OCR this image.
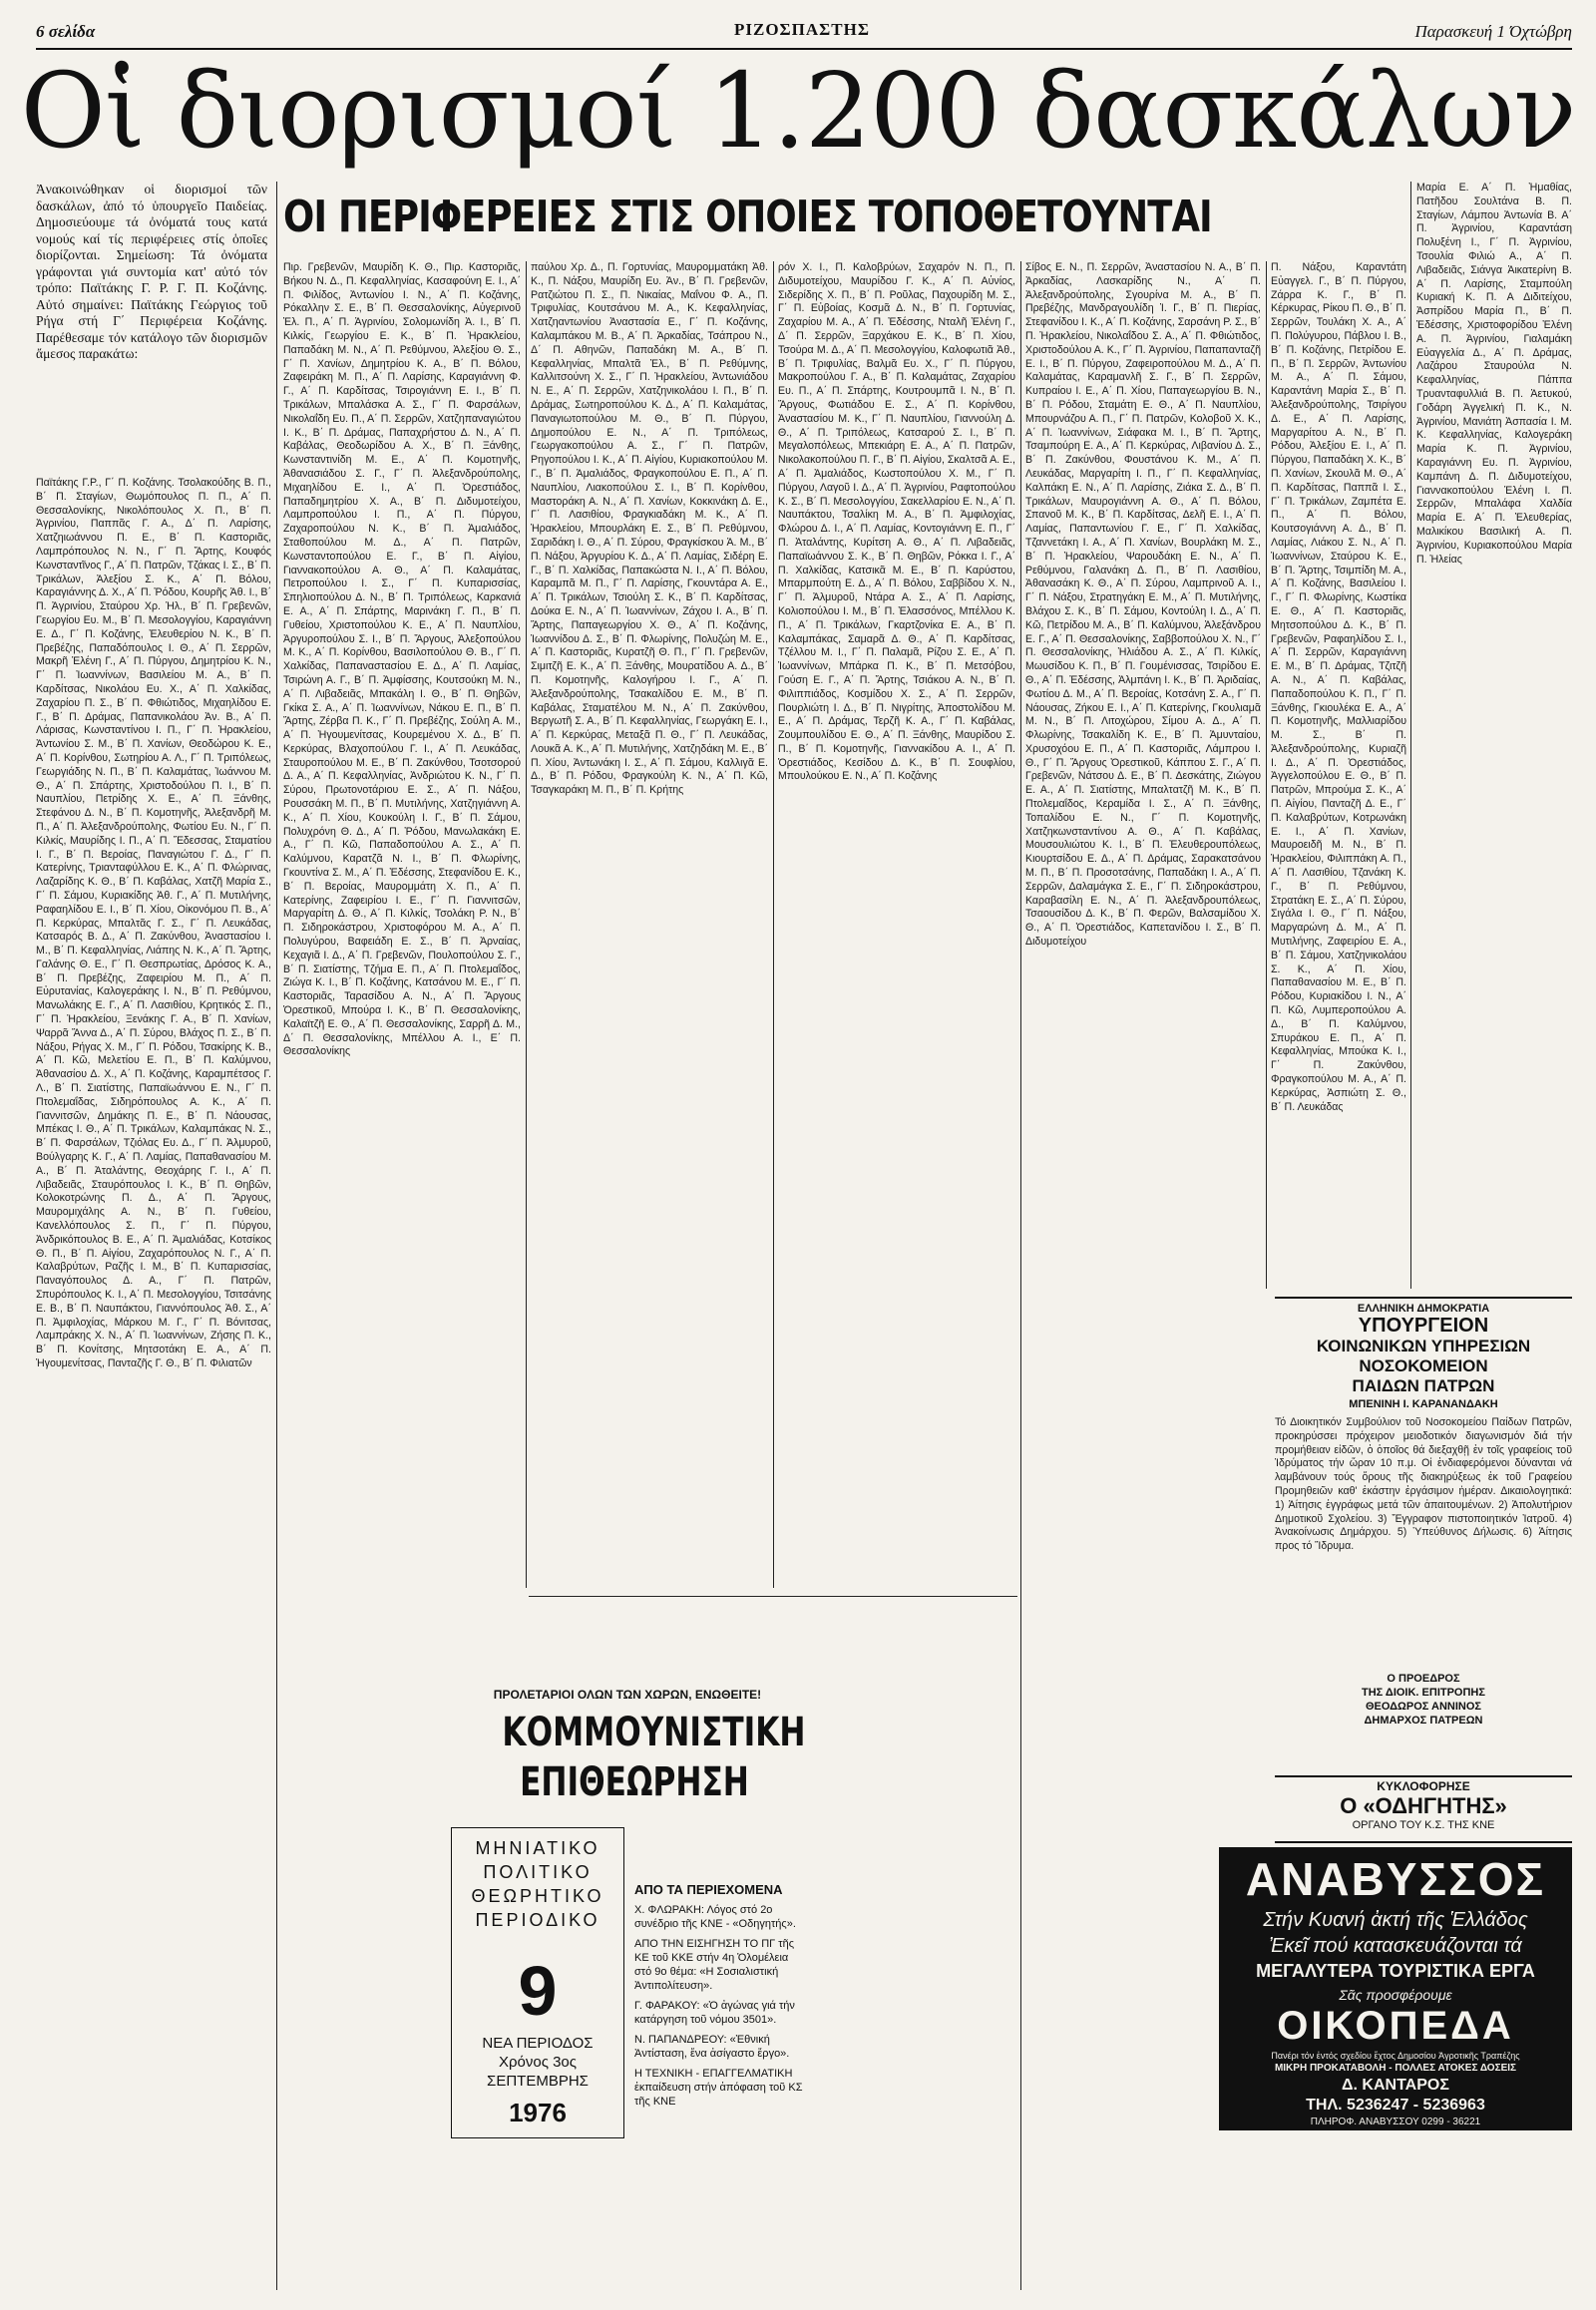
6 σελίδα	ΡΙΖΟΣΠΑΣΤΗΣ	Παρασκευή 1 Όχτώβρη
Οἱ διορισμοί 1.200 δασκάλων
Ἀνακοινώθηκαν οἱ διορισμοί τῶν δασκάλων, ἀπό τό ὑπουργεῖο Παιδείας. Δημοσιεύουμε τά ὀνόματά τους κατά νομούς καί τίς περιφέρειες στίς ὁποῖες διορίζονται. Σημείωση: Τά ὀνόματα γράφονται γιά συντομία κατ' αὐτό τόν τρόπο: Παϊτάκης Γ. Ρ. Γ. Π. Κοζάνης. Αὐτό σημαίνει: Παϊτάκης Γεώργιος τοῦ Ρήγα στή Γ΄ Περιφέρεια Κοζάνης. Παρέθεσαμε τόν κατάλογο τῶν διορισμῶν ἄμεσος παρακάτω:
ΟΙ ΠΕΡΙΦΕΡΕΙΕΣ ΣΤΙΣ ΟΠΟΙΕΣ ΤΟΠΟΘΕΤΟΥΝΤΑΙ
Παϊτάκης Γ.Ρ., Γ΄ Π. Κοζάνης. Τσολακούδης Β. Π., Β΄ Π. Σταγίων, Θωμόπουλος Π. Π., Α΄ Π. Θεσσαλονίκης, Νικολόπουλος Χ. Π., Β΄ Π. Ἀγρινίου, Παππᾶς Γ. Α., Δ΄ Π. Λαρίσης, Χατζηιωάννου Π. Ε., Β΄ Π. Καστοριᾶς, Λαμπρόπουλος Ν. Ν., Γ΄ Π. Ἄρτης, Κουφός Κωνσταντῖνος Γ., Α΄ Π. Πατρῶν, Τζάκας Ι. Σ., Β΄ Π. Τρικάλων, Ἀλεξίου Σ. Κ., Α΄ Π. Βόλου, Καραγιάννης Δ. Χ., Α΄ Π. Ῥόδου, Κουρῆς Ἀθ. Ι., Β΄ Π. Ἀγρινίου, Σταύρου Χρ. Ἠλ., Β΄ Π. Γρεβενῶν, Γεωργίου Ευ. Μ., Β΄ Π. Μεσολογγίου, Καραγιάννη Ε. Δ., Γ΄ Π. Κοζάνης, Ἐλευθερίου Ν. Κ., Β΄ Π. Πρεβέζης, Παπαδόπουλος Ι. Θ., Α΄ Π. Σερρῶν, Μακρῆ Ἑλένη Γ., Α΄ Π. Πύργου, Δημητρίου Κ. Ν., Γ΄ Π. Ἰωαννίνων, Βασιλείου Μ. Α., Β΄ Π. Καρδίτσας, Νικολάου Ευ. Χ., Α΄ Π. Χαλκίδας, Ζαχαρίου Π. Σ., Β΄ Π. Φθιώτιδος, Μιχαηλίδου Ε. Γ., Β΄ Π. Δράμας, Παπανικολάου Ἀν. Β., Α΄ Π. Λάρισας, Κωνσταντίνου Ι. Π., Γ΄ Π. Ἡρακλείου, Ἀντωνίου Σ. Μ., Β΄ Π. Χανίων, Θεοδώρου Κ. Ε., Α΄ Π. Κορίνθου, Σωτηρίου Α. Λ., Γ΄ Π. Τριπόλεως, Γεωργιάδης Ν. Π., Β΄ Π. Καλαμάτας, Ἰωάννου Μ. Θ., Α΄ Π. Σπάρτης, Χριστοδούλου Π. Ι., Β΄ Π. Ναυπλίου, Πετρίδης Χ. Ε., Α΄ Π. Ξάνθης, Στεφάνου Δ. Ν., Β΄ Π. Κομοτηνῆς, Ἀλεξανδρῆ Μ. Π., Α΄ Π. Ἀλεξανδρούπολης, Φωτίου Ευ. Ν., Γ΄ Π. Κιλκίς, Μαυρίδης Ι. Π., Α΄ Π. Ἔδεσσας, Σταματίου Ι. Γ., Β΄ Π. Βεροίας, Παναγιώτου Γ. Δ., Γ΄ Π. Κατερίνης, Τριανταφύλλου Ε. Κ., Α΄ Π. Φλώρινας, Λαζαρίδης Κ. Θ., Β΄ Π. Καβάλας, Χατζῆ Μαρία Σ., Γ΄ Π. Σάμου, Κυριακίδης Ἀθ. Γ., Α΄ Π. Μυτιλήνης, Ραφαηλίδου Ε. Ι., Β΄ Π. Χίου, Οἰκονόμου Π. Β., Α΄ Π. Κερκύρας, Μπαλτᾶς Γ. Σ., Γ΄ Π. Λευκάδας, Κατσαρός Β. Δ., Α΄ Π. Ζακύνθου, Ἀναστασίου Ι. Μ., Β΄ Π. Κεφαλληνίας, Λιάπης Ν. Κ., Α΄ Π. Ἄρτης, Γαλάνης Θ. Ε., Γ΄ Π. Θεσπρωτίας, Δρόσος Κ. Α., Β΄ Π. Πρεβέζης, Ζαφειρίου Μ. Π., Α΄ Π. Εὐρυτανίας, Καλογεράκης Ι. Ν., Β΄ Π. Ρεθύμνου, Μανωλάκης Ε. Γ., Α΄ Π. Λασιθίου, Κρητικός Σ. Π., Γ΄ Π. Ἡρακλείου, Ξενάκης Γ. Α., Β΄ Π. Χανίων, Ψαρρᾶ Ἄννα Δ., Α΄ Π. Σύρου, Βλάχος Π. Σ., Β΄ Π. Νάξου, Ρήγας Χ. Μ., Γ΄ Π. Ρόδου, Τσακίρης Κ. Β., Α΄ Π. Κῶ, Μελετίου Ε. Π., Β΄ Π. Καλύμνου, Ἀθανασίου Δ. Χ., Α΄ Π. Κοζάνης, Καραμπέτσος Γ. Λ., Β΄ Π. Σιατίστης, Παπαϊωάννου Ε. Ν., Γ΄ Π. Πτολεμαΐδας, Σιδηρόπουλος Α. Κ., Α΄ Π. Γιαννιτσῶν, Δημάκης Π. Ε., Β΄ Π. Νάουσας, Μπέκας Ι. Θ., Α΄ Π. Τρικάλων, Καλαμπάκας Ν. Σ., Β΄ Π. Φαρσάλων, Τζιόλας Ευ. Δ., Γ΄ Π. Ἀλμυροῦ, Βούλγαρης Κ. Γ., Α΄ Π. Λαμίας, Παπαθανασίου Μ. Α., Β΄ Π. Ἀταλάντης, Θεοχάρης Γ. Ι., Α΄ Π. Λιβαδειᾶς, Σταυρόπουλος Ι. Κ., Β΄ Π. Θηβῶν, Κολοκοτρώνης Π. Δ., Α΄ Π. Ἄργους, Μαυρομιχάλης Α. Ν., Β΄ Π. Γυθείου, Κανελλόπουλος Σ. Π., Γ΄ Π. Πύργου, Ἀνδρικόπουλος Β. Ε., Α΄ Π. Ἀμαλιάδας, Κοτσίκος Θ. Π., Β΄ Π. Αἰγίου, Ζαχαρόπουλος Ν. Γ., Α΄ Π. Καλαβρύτων, Ραζῆς Ι. Μ., Β΄ Π. Κυπαρισσίας, Παναγόπουλος Δ. Α., Γ΄ Π. Πατρῶν, Σπυρόπουλος Κ. Ι., Α΄ Π. Μεσολογγίου, Τσιτσάνης Ε. Β., Β΄ Π. Ναυπάκτου, Γιαννόπουλος Ἀθ. Σ., Α΄ Π. Ἀμφιλοχίας, Μάρκου Μ. Γ., Γ΄ Π. Βόνιτσας, Λαμπράκης Χ. Ν., Α΄ Π. Ἰωαννίνων, Ζήσης Π. Κ., Β΄ Π. Κονίτσης, Μητσοτάκη Ε. Α., Α΄ Π. Ἠγουμενίτσας, Πανταζῆς Γ. Θ., Β΄ Π. Φιλιατῶν
Πιρ. Γρεβενῶν, Μαυρίδη Κ. Θ., Πιρ. Καστοριᾶς, Βήκου Ν. Δ., Π. Κεφαλληνίας, Κασαφούνη Ε. Ι., Α΄ Π. Φιλίδος, Ἀντωνίου Ι. Ν., Α΄ Π. Κοζάνης, Ρόκαλλην Σ. Ε., Β΄ Π. Θεσσαλονίκης, Αὐγερινοῦ Ἑλ. Π., Α΄ Π. Ἀγρινίου, Σολομωνίδη Ἀ. Ι., Β΄ Π. Κιλκίς, Γεωργίου Ε. Κ., Β΄ Π. Ἡρακλείου, Παπαδάκη Μ. Ν., Α΄ Π. Ρεθύμνου, Ἀλεξίου Θ. Σ., Γ΄ Π. Χανίων, Δημητρίου Κ. Α., Β΄ Π. Βόλου, Ζαφειράκη Μ. Π., Α΄ Π. Λαρίσης, Καραγιάννη Φ. Γ., Α΄ Π. Καρδίτσας, Τσιρογιάννη Ε. Ι., Β΄ Π. Τρικάλων, Μπαλάσκα Α. Σ., Γ΄ Π. Φαρσάλων, Νικολαΐδη Ευ. Π., Α΄ Π. Σερρῶν, Χατζηπαναγιώτου Ι. Κ., Β΄ Π. Δράμας, Παπαχρήστου Δ. Ν., Α΄ Π. Καβάλας, Θεοδωρίδου Α. Χ., Β΄ Π. Ξάνθης, Κωνσταντινίδη Μ. Ε., Α΄ Π. Κομοτηνῆς, Ἀθανασιάδου Σ. Γ., Γ΄ Π. Ἀλεξανδρούπολης, Μιχαηλίδου Ε. Ι., Α΄ Π. Ὀρεστιάδος, Παπαδημητρίου Χ. Α., Β΄ Π. Διδυμοτείχου, Λαμπροπούλου Ι. Π., Α΄ Π. Πύργου, Ζαχαροπούλου Ν. Κ., Β΄ Π. Ἀμαλιάδος, Σταθοπούλου Μ. Δ., Α΄ Π. Πατρῶν, Κωνσταντοπούλου Ε. Γ., Β΄ Π. Αἰγίου, Γιαννακοπούλου Α. Θ., Α΄ Π. Καλαμάτας, Πετροπούλου Ι. Σ., Γ΄ Π. Κυπαρισσίας, Σπηλιοπούλου Δ. Ν., Β΄ Π. Τριπόλεως, Καρκανιά Ε. Α., Α΄ Π. Σπάρτης, Μαρινάκη Γ. Π., Β΄ Π. Γυθείου, Χριστοπούλου Κ. Ε., Α΄ Π. Ναυπλίου, Ἀργυροπούλου Σ. Ι., Β΄ Π. Ἄργους, Ἀλεξοπούλου Μ. Κ., Α΄ Π. Κορίνθου, Βασιλοπούλου Θ. Β., Γ΄ Π. Χαλκίδας, Παπαναστασίου Ε. Δ., Α΄ Π. Λαμίας, Τσιρώνη Α. Γ., Β΄ Π. Ἀμφίσσης, Κουτσούκη Μ. Ν., Α΄ Π. Λιβαδειᾶς, Μπακάλη Ι. Θ., Β΄ Π. Θηβῶν, Γκίκα Σ. Α., Α΄ Π. Ἰωαννίνων, Νάκου Ε. Π., Β΄ Π. Ἄρτης, Ζέρβα Π. Κ., Γ΄ Π. Πρεβέζης, Σούλη Α. Μ., Α΄ Π. Ἠγουμενίτσας, Κουρεμένου Χ. Δ., Β΄ Π. Κερκύρας, Βλαχοπούλου Γ. Ι., Α΄ Π. Λευκάδας, Σταυροπούλου Μ. Ε., Β΄ Π. Ζακύνθου, Τσοτσορού Δ. Α., Α΄ Π. Κεφαλληνίας, Ἀνδριώτου Κ. Ν., Γ΄ Π. Σύρου, Πρωτονοτάριου Ε. Σ., Α΄ Π. Νάξου, Ρουσσάκη Μ. Π., Β΄ Π. Μυτιλήνης, Χατζηγιάννη Α. Κ., Α΄ Π. Χίου, Κουκούλη Ι. Γ., Β΄ Π. Σάμου, Πολυχρόνη Θ. Δ., Α΄ Π. Ῥόδου, Μανωλακάκη Ε. Α., Γ΄ Π. Κῶ, Παπαδοπούλου Α. Σ., Α΄ Π. Καλύμνου, Καρατζᾶ Ν. Ι., Β΄ Π. Φλωρίνης, Γκουντίνα Σ. Μ., Α΄ Π. Ἐδέσσης, Στεφανίδου Ε. Κ., Β΄ Π. Βεροίας, Μαυρομμάτη Χ. Π., Α΄ Π. Κατερίνης, Ζαφειρίου Ι. Ε., Γ΄ Π. Γιαννιτσῶν, Μαργαρίτη Δ. Θ., Α΄ Π. Κιλκίς, Τσολάκη Ρ. Ν., Β΄ Π. Σιδηροκάστρου, Χριστοφόρου Μ. Α., Α΄ Π. Πολυγύρου, Βαφειάδη Ε. Σ., Β΄ Π. Ἀρναίας, Κεχαγιᾶ Ι. Δ., Α΄ Π. Γρεβενῶν, Πουλοπούλου Σ. Γ., Β΄ Π. Σιατίστης, Τζήμα Ε. Π., Α΄ Π. Πτολεμαΐδος, Ζιώγα Κ. Ι., Β΄ Π. Κοζάνης, Κατσάνου Μ. Ε., Γ΄ Π. Καστοριᾶς, Ταρασίδου Α. Ν., Α΄ Π. Ἄργους Ὀρεστικοῦ, Μπούρα Ι. Κ., Β΄ Π. Θεσσαλονίκης, Καλαϊτζῆ Ε. Θ., Α΄ Π. Θεσσαλονίκης, Σαρρῆ Δ. Μ., Δ΄ Π. Θεσσαλονίκης, Μπέλλου Α. Ι., Ε΄ Π. Θεσσαλονίκης
παύλου Χρ. Δ., Π. Γορτυνίας, Μαυρομματάκη Ἀθ. Κ., Π. Νάξου, Μαυρίδη Ευ. Ἀν., Β΄ Π. Γρεβενῶν, Ρατζιώτου Π. Σ., Π. Νικαίας, Μαΐνου Φ. Α., Π. Τριφυλίας, Κουτσάνου Μ. Α., Κ. Κεφαλληνίας, Χατζηαντωνίου Ἀναστασία Ε., Γ΄ Π. Κοζάνης, Καλαμπάκου Μ. Β., Α΄ Π. Ἀρκαδίας, Τσάπρου Ν., Δ΄ Π. Αθηνῶν, Παπαδάκη Μ. Α., Β΄ Π. Κεφαλληνίας, Μπαλτᾶ Ἑλ., Β΄ Π. Ρεθύμνης, Καλλιτσούνη Χ. Σ., Γ΄ Π. Ἡρακλείου, Ἀντωνιάδου Ν. Ε., Α΄ Π. Σερρῶν, Χατζηνικολάου Ι. Π., Β΄ Π. Δράμας, Σωτηροπούλου Κ. Δ., Α΄ Π. Καλαμάτας, Παναγιωτοπούλου Μ. Θ., Β΄ Π. Πύργου, Δημοπούλου Ε. Ν., Α΄ Π. Τριπόλεως, Γεωργακοπούλου Α. Σ., Γ΄ Π. Πατρῶν, Ρηγοπούλου Ι. Κ., Α΄ Π. Αἰγίου, Κυριακοπούλου Μ. Γ., Β΄ Π. Ἀμαλιάδος, Φραγκοπούλου Ε. Π., Α΄ Π. Ναυπλίου, Λιακοπούλου Σ. Ι., Β΄ Π. Κορίνθου, Μαστοράκη Α. Ν., Α΄ Π. Χανίων, Κοκκινάκη Δ. Ε., Γ΄ Π. Λασιθίου, Φραγκιαδάκη Μ. Κ., Α΄ Π. Ἡρακλείου, Μπουρλάκη Ε. Σ., Β΄ Π. Ρεθύμνου, Σαριδάκη Ι. Θ., Α΄ Π. Σύρου, Φραγκίσκου Ἀ. Μ., Β΄ Π. Νάξου, Ἀργυρίου Κ. Δ., Α΄ Π. Λαμίας, Σιδέρη Ε. Γ., Β΄ Π. Χαλκίδας, Παπακώστα Ν. Ι., Α΄ Π. Βόλου, Καραμπᾶ Μ. Π., Γ΄ Π. Λαρίσης, Γκουντάρα Α. Ε., Α΄ Π. Τρικάλων, Τσιούλη Σ. Κ., Β΄ Π. Καρδίτσας, Δούκα Ε. Ν., Α΄ Π. Ἰωαννίνων, Ζάχου Ι. Α., Β΄ Π. Ἄρτης, Παπαγεωργίου Χ. Θ., Α΄ Π. Κοζάνης, Ἰωαννίδου Δ. Σ., Β΄ Π. Φλωρίνης, Πολυζώη Μ. Ε., Α΄ Π. Καστοριᾶς, Κυρατζῆ Θ. Π., Γ΄ Π. Γρεβενῶν, Σιμιτζῆ Ε. Κ., Α΄ Π. Ξάνθης, Μουρατίδου Α. Δ., Β΄ Π. Κομοτηνῆς, Καλογήρου Ι. Γ., Α΄ Π. Ἀλεξανδρούπολης, Τσακαλίδου Ε. Μ., Β΄ Π. Καβάλας, Σταματέλου Μ. Ν., Α΄ Π. Ζακύνθου, Βεργωτῆ Σ. Α., Β΄ Π. Κεφαλληνίας, Γεωργάκη Ε. Ι., Α΄ Π. Κερκύρας, Μεταξᾶ Π. Θ., Γ΄ Π. Λευκάδας, Λουκᾶ Α. Κ., Α΄ Π. Μυτιλήνης, Χατζηδάκη Μ. Ε., Β΄ Π. Χίου, Ἀντωνάκη Ι. Σ., Α΄ Π. Σάμου, Καλλιγᾶ Ε. Δ., Β΄ Π. Ρόδου, Φραγκούλη Κ. Ν., Α΄ Π. Κῶ, Τσαγκαράκη Μ. Π., Β΄ Π. Κρήτης
ρόν Χ. Ι., Π. Καλοβρύων, Σαχαρόν Ν. Π., Π. Διδυμοτείχου, Μαυρίδου Γ. Κ., Α΄ Π. Αὐνίος, Σιδερίδης Χ. Π., Β΄ Π. Ροῦλας, Παχουρίδη Μ. Σ., Γ΄ Π. Εὐβοίας, Κοσμᾶ Δ. Ν., Β΄ Π. Γορτυνίας, Ζαχαρίου Μ. Α., Α΄ Π. Ἐδέσσης, Νταλῆ Ἑλένη Γ., Δ΄ Π. Σερρῶν, Ξαρχάκου Ε. Κ., Β΄ Π. Χίου, Τσούρα Μ. Δ., Α΄ Π. Μεσολογγίου, Καλοφωτιᾶ Ἀθ., Β΄ Π. Τριφυλίας, Βαλμᾶ Ευ. Χ., Γ΄ Π. Πύργου, Μακροπούλου Γ. Α., Β΄ Π. Καλαμάτας, Ζαχαρίου Ευ. Π., Α΄ Π. Σπάρτης, Κουτρουμπᾶ Ι. Ν., Β΄ Π. Ἄργους, Φωτιάδου Ε. Σ., Α΄ Π. Κορίνθου, Ἀναστασίου Μ. Κ., Γ΄ Π. Ναυπλίου, Γιαννούλη Δ. Θ., Α΄ Π. Τριπόλεως, Κατσαρού Σ. Ι., Β΄ Π. Μεγαλοπόλεως, Μπεκιάρη Ε. Α., Α΄ Π. Πατρῶν, Νικολακοπούλου Π. Γ., Β΄ Π. Αἰγίου, Σκαλτσᾶ Α. Ε., Α΄ Π. Ἀμαλιάδος, Κωστοπούλου Χ. Μ., Γ΄ Π. Πύργου, Λαγοῦ Ι. Δ., Α΄ Π. Ἀγρινίου, Ραφτοπούλου Κ. Σ., Β΄ Π. Μεσολογγίου, Σακελλαρίου Ε. Ν., Α΄ Π. Ναυπάκτου, Τσαλίκη Μ. Α., Β΄ Π. Ἀμφιλοχίας, Φλώρου Δ. Ι., Α΄ Π. Λαμίας, Κοντογιάννη Ε. Π., Γ΄ Π. Ἀταλάντης, Κυρίτση Α. Θ., Α΄ Π. Λιβαδειᾶς, Παπαϊωάννου Σ. Κ., Β΄ Π. Θηβῶν, Ρόκκα Ι. Γ., Α΄ Π. Χαλκίδας, Κατσικᾶ Μ. Ε., Β΄ Π. Καρύστου, Μπαρμπούτη Ε. Δ., Α΄ Π. Βόλου, Σαββίδου Χ. Ν., Γ΄ Π. Ἀλμυροῦ, Ντάρα Α. Σ., Α΄ Π. Λαρίσης, Κολιοπούλου Ι. Μ., Β΄ Π. Ἐλασσόνος, Μπέλλου Κ. Π., Α΄ Π. Τρικάλων, Γκαρτζονίκα Ε. Α., Β΄ Π. Καλαμπάκας, Σαμαρᾶ Δ. Θ., Α΄ Π. Καρδίτσας, Τζέλλου Μ. Ι., Γ΄ Π. Παλαμᾶ, Ρίζου Σ. Ε., Α΄ Π. Ἰωαννίνων, Μπάρκα Π. Κ., Β΄ Π. Μετσόβου, Γούση Ε. Γ., Α΄ Π. Ἄρτης, Τσιάκου Α. Ν., Β΄ Π. Φιλιππιάδος, Κοσμίδου Χ. Σ., Α΄ Π. Σερρῶν, Πουρλιώτη Ι. Δ., Β΄ Π. Νιγρίτης, Ἀποστολίδου Μ. Ε., Α΄ Π. Δράμας, Τερζῆ Κ. Α., Γ΄ Π. Καβάλας, Ζουμπουλίδου Ε. Θ., Α΄ Π. Ξάνθης, Μαυρίδου Σ. Π., Β΄ Π. Κομοτηνῆς, Γιαννακίδου Α. Ι., Α΄ Π. Ὀρεστιάδος, Κεσίδου Δ. Κ., Β΄ Π. Σουφλίου, Μπουλούκου Ε. Ν., Α΄ Π. Κοζάνης
Σίβος Ε. Ν., Π. Σερρῶν, Ἀναστασίου Ν. Α., Β΄ Π. Ἀρκαδίας, Λασκαρίδης Ν., Α΄ Π. Ἀλεξανδρούπολης, Σγουρίνα Μ. Α., Β΄ Π. Πρεβέζης, Μανδραγουλίδη Ἰ. Γ., Β΄ Π. Πιερίας, Στεφανίδου Ι. Κ., Α΄ Π. Κοζάνης, Σαρσάνη Ρ. Σ., Β΄ Π. Ἡρακλείου, Νικολαΐδου Σ. Α., Α΄ Π. Φθιώτιδος, Χριστοδούλου Α. Κ., Γ΄ Π. Ἀγρινίου, Παπαπανταζῆ Ε. Ι., Β΄ Π. Πύργου, Ζαφειροπούλου Μ. Δ., Α΄ Π. Καλαμάτας, Καραμανλῆ Σ. Γ., Β΄ Π. Σερρῶν, Κυπραίου Ι. Ε., Α΄ Π. Χίου, Παπαγεωργίου Β. Ν., Β΄ Π. Ρόδου, Σταμάτη Ε. Θ., Α΄ Π. Ναυπλίου, Μπουρνάζου Α. Π., Γ΄ Π. Πατρῶν, Κολοβοῦ Χ. Κ., Α΄ Π. Ἰωαννίνων, Σιάφακα Μ. Ι., Β΄ Π. Ἄρτης, Τσαμπούρη Ε. Α., Α΄ Π. Κερκύρας, Λιβανίου Δ. Σ., Β΄ Π. Ζακύνθου, Φουστάνου Κ. Μ., Α΄ Π. Λευκάδας, Μαργαρίτη Ι. Π., Γ΄ Π. Κεφαλληνίας, Καλπάκη Ε. Ν., Α΄ Π. Λαρίσης, Ζιάκα Σ. Δ., Β΄ Π. Τρικάλων, Μαυρογιάννη Α. Θ., Α΄ Π. Βόλου, Σπανοῦ Μ. Κ., Β΄ Π. Καρδίτσας, Δελῆ Ε. Ι., Α΄ Π. Λαμίας, Παπαντωνίου Γ. Ε., Γ΄ Π. Χαλκίδας, Τζαννετάκη Ι. Α., Α΄ Π. Χανίων, Βουρλάκη Μ. Σ., Β΄ Π. Ἡρακλείου, Ψαρουδάκη Ε. Ν., Α΄ Π. Ρεθύμνου, Γαλανάκη Δ. Π., Β΄ Π. Λασιθίου, Ἀθανασάκη Κ. Θ., Α΄ Π. Σύρου, Λαμπρινοῦ Α. Ι., Γ΄ Π. Νάξου, Στρατηγάκη Ε. Μ., Α΄ Π. Μυτιλήνης, Βλάχου Σ. Κ., Β΄ Π. Σάμου, Κοντούλη Ι. Δ., Α΄ Π. Κῶ, Πετρίδου Μ. Α., Β΄ Π. Καλύμνου, Ἀλεξάνδρου Ε. Γ., Α΄ Π. Θεσσαλονίκης, Σαββοπούλου Χ. Ν., Γ΄ Π. Θεσσαλονίκης, Ἠλιάδου Α. Σ., Α΄ Π. Κιλκίς, Μωυσίδου Κ. Π., Β΄ Π. Γουμένισσας, Τσιρίδου Ε. Θ., Α΄ Π. Ἐδέσσης, Ἀλμπάνη Ι. Κ., Β΄ Π. Ἀριδαίας, Φωτίου Δ. Μ., Α΄ Π. Βεροίας, Κοτσάνη Σ. Α., Γ΄ Π. Νάουσας, Ζήκου Ε. Ι., Α΄ Π. Κατερίνης, Γκουλιαμᾶ Μ. Ν., Β΄ Π. Λιτοχώρου, Σίμου Α. Δ., Α΄ Π. Φλωρίνης, Τσακαλίδη Κ. Ε., Β΄ Π. Ἀμυνταίου, Χρυσοχόου Ε. Π., Α΄ Π. Καστοριᾶς, Λάμπρου Ι. Θ., Γ΄ Π. Ἄργους Ὀρεστικοῦ, Κάππου Σ. Γ., Α΄ Π. Γρεβενῶν, Νάτσου Δ. Ε., Β΄ Π. Δεσκάτης, Ζιώγου Ε. Α., Α΄ Π. Σιατίστης, Μπαλτατζῆ Μ. Κ., Β΄ Π. Πτολεμαΐδος, Κεραμίδα Ι. Σ., Α΄ Π. Ξάνθης, Τοπαλίδου Ε. Ν., Γ΄ Π. Κομοτηνῆς, Χατζηκωνσταντίνου Α. Θ., Α΄ Π. Καβάλας, Μουσουλιώτου Κ. Ι., Β΄ Π. Ἐλευθερουπόλεως, Κιουρτσίδου Ε. Δ., Α΄ Π. Δράμας, Σαρακατσάνου Μ. Π., Β΄ Π. Προσοτσάνης, Παπαδάκη Ι. Α., Α΄ Π. Σερρῶν, Δαλαμάγκα Σ. Ε., Γ΄ Π. Σιδηροκάστρου, Καραβασίλη Ε. Ν., Α΄ Π. Ἀλεξανδρουπόλεως, Τσαουσίδου Δ. Κ., Β΄ Π. Φερῶν, Βαλσαμίδου Χ. Θ., Α΄ Π. Ὀρεστιάδος, Καπετανίδου Ι. Σ., Β΄ Π. Διδυμοτείχου
Π. Νάξου, Καραντάτη Εὐαγγελ. Γ., Β΄ Π. Πύργου, Ζάρρα Κ. Γ., Β΄ Π. Κέρκυρας, Ρίκου Π. Θ., Β΄ Π. Σερρῶν, Τουλάκη Χ. Α., Α΄ Π. Πολύγυρου, Πάβλου Ι. Β., Β΄ Π. Κοζάνης, Πετρίδου Ε. Π., Β΄ Π. Σερρῶν, Ἀντωνίου Μ. Α., Α΄ Π. Σάμου, Καραντάνη Μαρία Σ., Β΄ Π. Ἀλεξανδρούπολης, Τσιρίγου Δ. Ε., Α΄ Π. Λαρίσης, Μαργαρίτου Α. Ν., Β΄ Π. Ρόδου, Ἀλεξίου Ε. Ι., Α΄ Π. Πύργου, Παπαδάκη Χ. Κ., Β΄ Π. Χανίων, Σκουλᾶ Μ. Θ., Α΄ Π. Καρδίτσας, Παππᾶ Ι. Σ., Γ΄ Π. Τρικάλων, Ζαμπέτα Ε. Π., Α΄ Π. Βόλου, Κουτσογιάννη Α. Δ., Β΄ Π. Λαμίας, Λιάκου Σ. Ν., Α΄ Π. Ἰωαννίνων, Σταύρου Κ. Ε., Β΄ Π. Ἄρτης, Τσιμπίδη Μ. Α., Α΄ Π. Κοζάνης, Βασιλείου Ι. Γ., Γ΄ Π. Φλωρίνης, Κωστίκα Ε. Θ., Α΄ Π. Καστοριᾶς, Μητσοπούλου Δ. Κ., Β΄ Π. Γρεβενῶν, Ραφαηλίδου Σ. Ι., Α΄ Π. Σερρῶν, Καραγιάννη Ε. Μ., Β΄ Π. Δράμας, Τζιτζῆ Α. Ν., Α΄ Π. Καβάλας, Παπαδοπούλου Κ. Π., Γ΄ Π. Ξάνθης, Γκιουλέκα Ε. Α., Α΄ Π. Κομοτηνῆς, Μαλλιαρίδου Μ. Σ., Β΄ Π. Ἀλεξανδρούπολης, Κυριαζῆ Ι. Δ., Α΄ Π. Ὀρεστιάδος, Ἀγγελοπούλου Ε. Θ., Β΄ Π. Πατρῶν, Μπρούμα Σ. Κ., Α΄ Π. Αἰγίου, Πανταζῆ Δ. Ε., Γ΄ Π. Καλαβρύτων, Κοτρωνάκη Ε. Ι., Α΄ Π. Χανίων, Μαυροειδῆ Μ. Ν., Β΄ Π. Ἡρακλείου, Φιλιππάκη Α. Π., Α΄ Π. Λασιθίου, Τζανάκη Κ. Γ., Β΄ Π. Ρεθύμνου, Στρατάκη Ε. Σ., Α΄ Π. Σύρου, Σιγάλα Ι. Θ., Γ΄ Π. Νάξου, Μαργαρώνη Δ. Μ., Α΄ Π. Μυτιλήνης, Ζαφειρίου Ε. Α., Β΄ Π. Σάμου, Χατζηνικολάου Σ. Κ., Α΄ Π. Χίου, Παπαθανασίου Μ. Ε., Β΄ Π. Ρόδου, Κυριακίδου Ι. Ν., Α΄ Π. Κῶ, Λυμπεροπούλου Α. Δ., Β΄ Π. Καλύμνου, Σπυράκου Ε. Π., Α΄ Π. Κεφαλληνίας, Μπούκα Κ. Ι., Γ΄ Π. Ζακύνθου, Φραγκοπούλου Μ. Α., Α΄ Π. Κερκύρας, Ἀσπιώτη Σ. Θ., Β΄ Π. Λευκάδας
Μαρία Ε. Α΄ Π. Ἠμαθίας, Πατῆδου Σουλτάνα Β. Π. Σταγίων, Λάμπου Ἀντωνία Β. Α΄ Π. Ἀγρινίου, Καραντάση Πολυξένη Ι., Γ΄ Π. Ἀγρινίου, Τσουλία Φιλιώ Α., Α΄ Π. Λιβαδειᾶς, Σιάνγα Ἀικατερίνη Β. Α΄ Π. Λαρίσης, Σταμπούλη Κυριακή Κ. Π. Α Διδιτείχου, Ἀσπρίδου Μαρία Π., Β΄ Π. Ἐδέσσης, Χριστοφορίδου Ἑλένη Α. Π. Ἀγρινίου, Γιαλαμάκη Εὐαγγελία Δ., Α΄ Π. Δράμας, Λαζάρου Σταυρούλα Ν. Κεφαλληνίας, Πάππα Τρυανταφυλλιά Β. Π. Ἀετυκού, Γοδάρη Ἀγγελική Π. Κ., Ν. Ἀγρινίου, Μανιάτη Ἀσπασία Ι. Μ. Κ. Κεφαλληνίας, Καλογεράκη Μαρία Κ. Π. Ἀγρινίου, Καραγιάννη Ευ. Π. Ἀγρινίου, Καμπάνη Δ. Π. Διδυμοτείχου, Γιαννακοπούλου Ἑλένη Ι. Π. Σερρῶν, Μπαλάφα Χαλδία Μαρία Ε. Α΄ Π. Ἐλευθερίας, Μαλικίκου Βασιλική Α. Π. Ἀγρινίου, Κυριακοπούλου Μαρία Π. Ἡλείας
ΠΡΟΛΕΤΑΡΙΟΙ ΟΛΩΝ ΤΩΝ ΧΩΡΩΝ, ΕΝΩΘΕΙΤΕ!
ΚΟΜΜΟΥΝΙΣΤΙΚΗ
ΕΠΙΘΕΩΡΗΣΗ
ΜΗΝΙΑΤΙΚΟ
ΠΟΛΙΤΙΚΟ
ΘΕΩΡΗΤΙΚΟ
ΠΕΡΙΟΔΙΚΟ
9
ΝΕΑ ΠΕΡΙΟΔΟΣ
Χρόνος 3ος
ΣΕΠΤΕΜΒΡΗΣ
1976
ΑΠΟ ΤΑ ΠΕΡΙΕΧΟΜΕΝΑ
Χ. ΦΛΩΡΑΚΗ: Λόγος στό 2ο συνέδριο τῆς ΚΝΕ - «Οδηγητής».
ΑΠΟ ΤΗΝ ΕΙΣΗΓΗΣΗ ΤΟ ΠΓ τῆς ΚΕ τοῦ ΚΚΕ στήν 4η Ὁλομέλεια στό 9ο θέμα: «Η Σοσιαλιστική Ἀντιπολίτευση».
Γ. ΦΑΡΑΚΟΥ: «Ὁ ἀγώνας γιά τήν κατάργηση τοῦ νόμου 3501».
Ν. ΠΑΠΑΝΔΡΕΟΥ: «Ἐθνική Ἀντίσταση, ἕνα ἀσίγαστο ἔργο».
Η ΤΕΧΝΙΚΗ - ΕΠΑΓΓΕΛΜΑΤΙΚΗ ἐκπαίδευση στήν ἀπόφαση τοῦ ΚΣ τῆς ΚΝΕ
ΕΛΛΗΝΙΚΗ ΔΗΜΟΚΡΑΤΙΑ
ΥΠΟΥΡΓΕΙΟΝ
ΚΟΙΝΩΝΙΚΩΝ ΥΠΗΡΕΣΙΩΝ
ΝΟΣΟΚΟΜΕΙΟΝ
ΠΑΙΔΩΝ ΠΑΤΡΩΝ
ΜΠΕΝΙΝΗ Ι. ΚΑΡΑΝΑΝΔΑΚΗ
Τό Διοικητικόν Συμβούλιον τοῦ Νοσοκομείου Παίδων Πατρῶν, προκηρύσσει πρόχειρον μειοδοτικόν διαγωνισμόν διά τήν προμήθειαν εἰδῶν, ὁ ὁποῖος θά διεξαχθῇ ἐν τοῖς γραφείοις τοῦ Ἱδρύματος τήν ὥραν 10 π.μ. Οἱ ἐνδιαφερόμενοι δύνανται νά λαμβάνουν τούς ὅρους τῆς διακηρύξεως ἐκ τοῦ Γραφείου Προμηθειῶν καθ' ἑκάστην ἐργάσιμον ἡμέραν. Δικαιολογητικά: 1) Ἀίτησις ἐγγράφως μετά τῶν ἀπαιτουμένων. 2) Ἀπολυτήριον Δημοτικοῦ Σχολείου. 3) Ἔγγραφον πιστοποιητικόν Ἰατροῦ. 4) Ἀνακοίνωσις Δημάρχου. 5) Ὑπεύθυνος Δήλωσις. 6) Ἀίτησις προς τό Ἵδρυμα.
Ο ΠΡΟΕΔΡΟΣ
ΤΗΣ ΔΙΟΙΚ. ΕΠΙΤΡΟΠΗΣ
ΘΕΟΔΩΡΟΣ ΑΝΝΙΝΟΣ
ΔΗΜΑΡΧΟΣ ΠΑΤΡΕΩΝ
ΚΥΚΛΟΦΟΡΗΣΕ
Ο «ΟΔΗΓΗΤΗΣ»
ΟΡΓΑΝΟ ΤΟΥ Κ.Σ. ΤΗΣ ΚΝΕ
ΑΝΑΒΥΣΣΟΣ
Στήν Κυανή ἀκτή τῆς Ἑλλάδος
Ἐκεῖ πού κατασκευάζονται τά
ΜΕΓΑΛΥΤΕΡΑ ΤΟΥΡΙΣΤΙΚΑ ΕΡΓΑ
Σᾶς προσφέρουμε
ΟΙΚΟΠΕΔΑ
Πανέρι τόν ἐντός σχεδίου ἔχτος Δημοσίου Ἀγροτικῆς Τραπέζης
ΜΙΚΡΗ ΠΡΟΚΑΤΑΒΟΛΗ - ΠΟΛΛΕΣ ΑΤΟΚΕΣ ΔΟΣΕΙΣ
Δ. ΚΑΝΤΑΡΟΣ
ΤΗΛ. 5236247 - 5236963
ΠΛΗΡΟΦ. ΑΝΑΒΥΣΣΟΥ 0299 - 36221
